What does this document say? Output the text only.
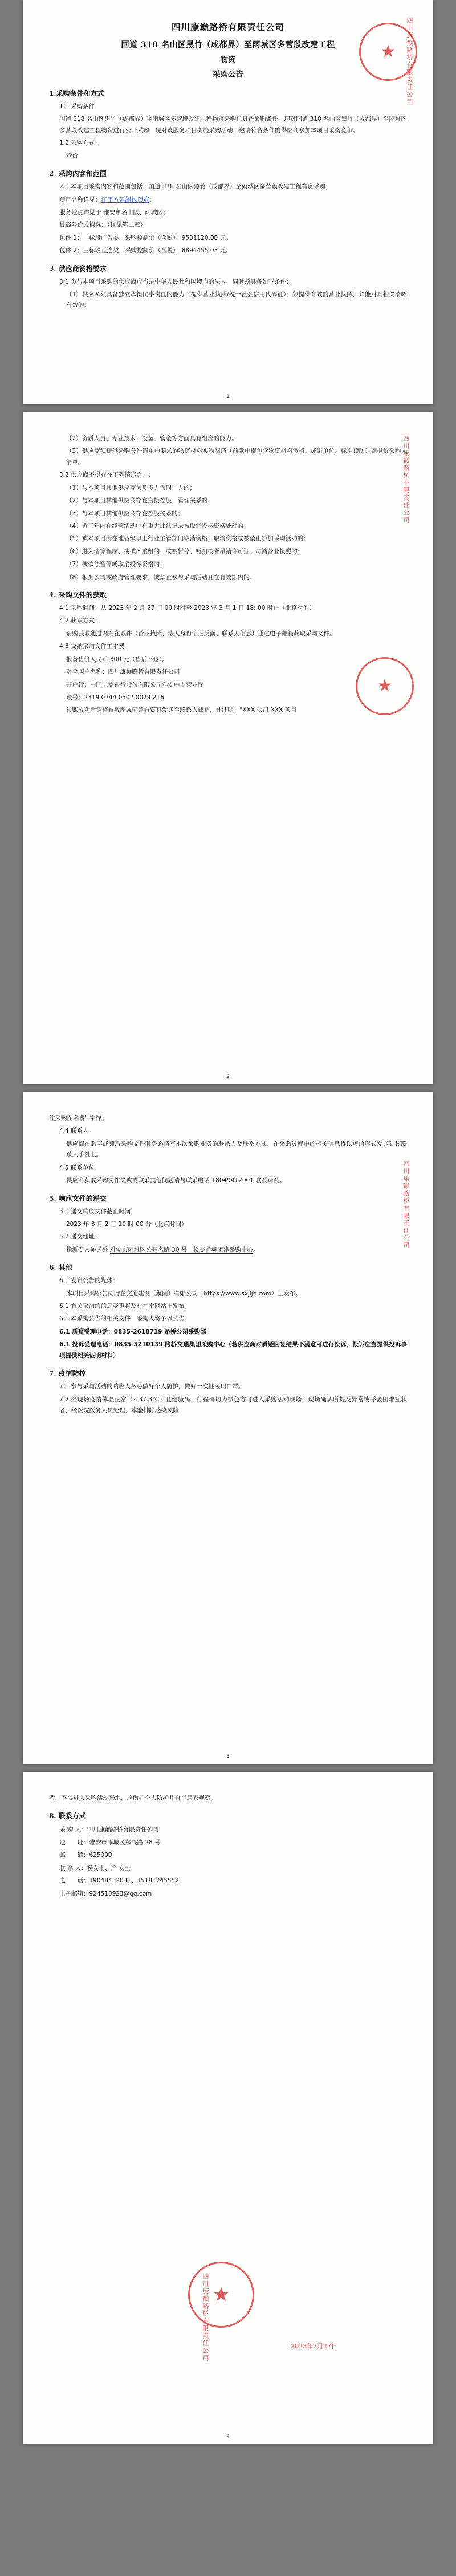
★ 四川康巅路桥有限责任公司
四川康巅路桥有限责任公司
国道 318 名山区黑竹（成都界）至雨城区多营段改建工程
物资
采购公告
1.采购条件和方式

1.1 采购条件

国道 318 名山区黑竹（成都界）至雨城区多营段改建工程物资采购已具备采购条件，现对国道 318 名山区黑竹（成都界）至雨城区多营段改建工程物资进行公开采购，现对该服务项目实施采购活动，邀请符合条件的供应商参加本项目采购竞争。

1.2 采购方式：

竞价

2. 采购内容和范围

2.1 本项目采购内容和范围包括：国道 318 名山区黑竹（成都界）至雨城区多营段改建工程物资采购；

项目名称详见：江甲方建制包预览；

服务地点详见于 雅安市名山区、雨城区；

最高限价或拟选：（详见第二章）

包件 1：一标段广告类，采购控制价（含税）：9531120.00 元。

包件 2：三标段互连类，采购控制价（含税）：8894455.03 元。

3. 供应商资格要求

3.1 参与本项目采购的供应商应当是中华人民共和国境内的法人，同时须具备如下条件：

（1）供应商须具备独立承担民事责任的能力（提供营业执照/统一社会信用代码证）；须提供有效的营业执照，并能对具相关清晰有效的；

1
★
四川康巅路桥有限责任公司

（2）资质人员、专业技术、设备、管金等方面具有相应的能力。

（3）供应商须提供采购关件清单中要求的物资材料实物图清（前款中提包含物资材料资格、成果单位、标准预防）到报价采购人清单。

3.2 供应商不得存在下列情形之一：

（1）与本项目其他供应商为负责人为同一人的；

（2）与本项目其他供应商存在直接控股、管理关系的；

（3）与本项目其他供应商存在控股关系的；

（4）近三年内在经营活动中有重大违法记录被取消投标资格处理的；

（5）被本项目所在地省级以上行业主管部门取消资格、取消资格或被禁止参加采购活动的；

（6）进入清算程序、或破产重组的、或被暂停、暂扣或者吊销许可证、司销营业执照的；

（7）被依法暂停或取消投标资格的；

（8）根据公司或政府管理要求，被禁止参与采购活动且在有效期内的。

4. 采购文件的获取

4.1 采购时间：从 2023 年 2 月 27 日 00 时时至 2023 年 3 月 1 日 18: 00 时止（北京时间）

4.2 获取方式：

请购获取通过网站在取件（营业执照、法人身份证正反面、联系人信息）通过电子邮箱获取采购文件。

4.3 交纳采购文件工本费

报备售价人民币 300 元（售后不退）。

对全国户名称：四川康巅路桥有限责任公司

开户行：中国工商银行股份有限公司雅安中支营业厅

账号：2319 0744 0502 0029 216

转账成功后请将查截图或同延有资料发送至联系人邮箱，并注明："XXX 公司 XXX 项目

2
四川康巅路桥有限责任公司

注采购图名费" 字样。

4.4 联系人

供应商在购买或领取采购文件时务必请写本次采购业务的联系人及联系方式，在采购过程中的相关信息将以短信形式发送到该联系人手机上。

4.5 联系单位

供应商获取采购文件失败或联系其他问题请与联系电话 18049412001 联系请系。

5. 响应文件的递交

5.1 递交响应文件截止时间：

2023 年 3 月 2 日 10 时 00 分（北京时间）

5.2 递交地址：

指派专人递送采 雅安市雨城区公开名路 30 号一楼交通集团建采购中心。

6. 其他

6.1 发布公告的媒体：

本项目采购公告同时在交通建设（集团）有限公司（https://www.sxjljh.com）上发布。

6.1 有关采购的信息变更将及时在本网站上发布。

6.1 本采购公告的相关文件、采购人将予以公告。

6.1 质疑受理电话：0835-2618719 路桥公司采购部

6.1 投诉受理电话：0835-3210139 路桥交通集团采购中心（若供应商对质疑回复结果不满意可进行投诉，投诉应当提供投诉事项提供相关证明材料）

7. 疫情防控

7.1 参与采购活动的响应人务必做好个人防护，做好一次性医用口罩。

7.2 经现场疫情体温正常（＜37.3℃）且健康码、行程码均为绿色方可进入采购活动现场；现场确认所提及异常或呼吸困难症状者，经医院医务人员处理，本能排除感染风险

3

者，不得进入采购活动场地，应做好个人防护并自行居家观察。

8. 联系方式
采 购 人：四川康巅路桥有限责任公司
地　　址：雅安市雨城区东兴路 28 号
邮　　编：625000
联 系 人：杨女士、严 女士
电　　话：19048432031、15181245552
电子邮箱：924518923@qq.com
★
四川康巅路桥有限责任公司	2023年2月27日
4
